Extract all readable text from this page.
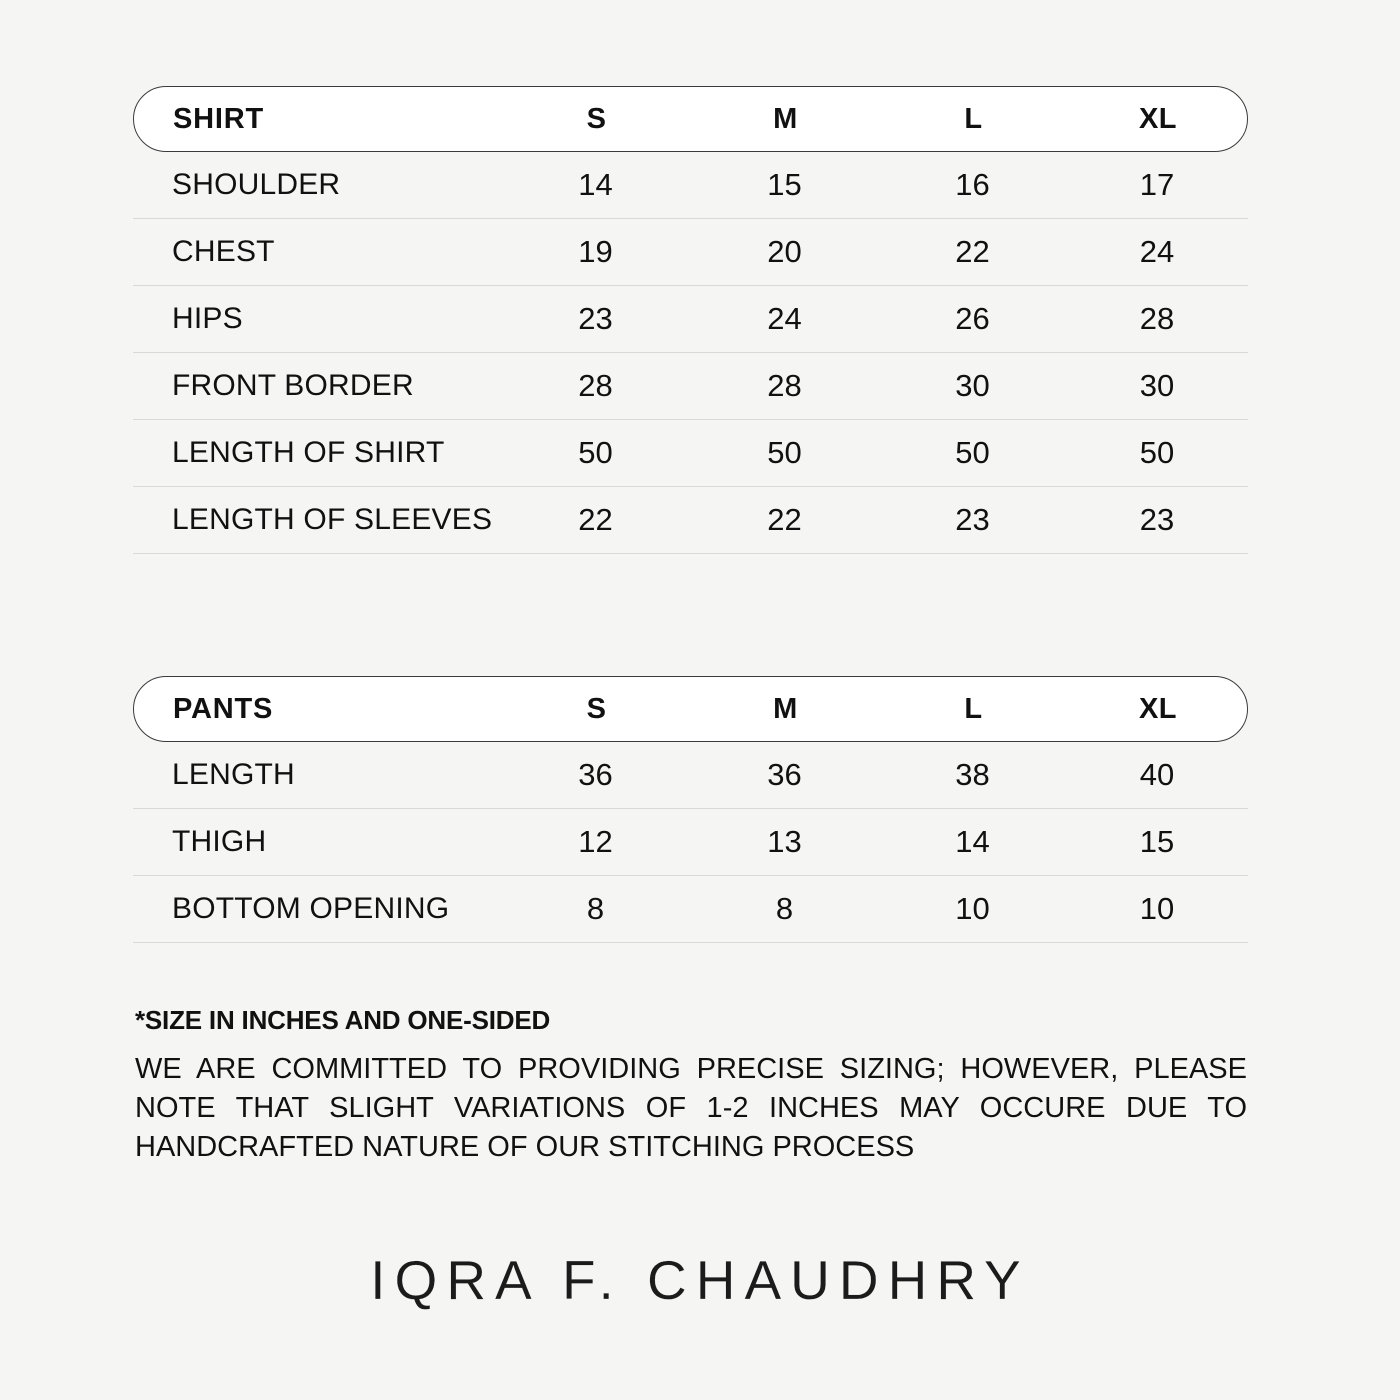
SHIRT	S	M	L	XL
SHOULDER	14	15	16	17
CHEST	19	20	22	24
HIPS	23	24	26	28
FRONT BORDER	28	28	30	30
LENGTH OF SHIRT	50	50	50	50
LENGTH OF SLEEVES	22	22	23	23
PANTS	S	M	L	XL
LENGTH	36	36	38	40
THIGH	12	13	14	15
BOTTOM OPENING	8	8	10	10
*SIZE IN INCHES AND ONE-SIDED
WE ARE COMMITTED TO PROVIDING PRECISE SIZING; HOWEVER, PLEASE NOTE THAT SLIGHT VARIATIONS OF 1-2 INCHES MAY OCCURE DUE TO HANDCRAFTED NATURE OF OUR STITCHING PROCESS
IQRA F. CHAUDHRY
